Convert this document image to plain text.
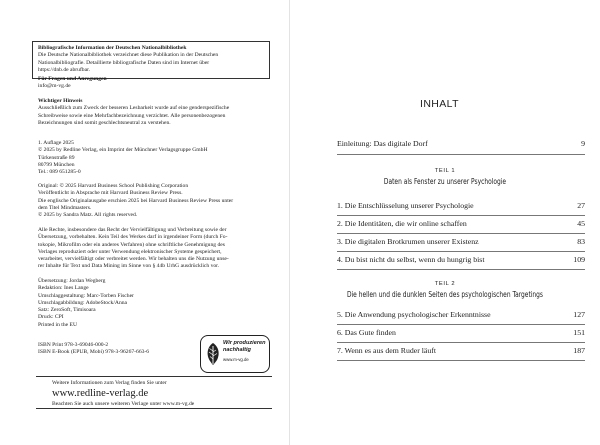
Bibliografische Information der Deutschen Nationalbibliothek
Die Deutsche Nationalbibliothek verzeichnet diese Publikation in der Deutschen
Nationalbibliografie. Detaillierte bibliografische Daten sind im Internet über
https://dnb.de abrufbar.
Für Fragen und Anregungen
info@m-vg.de
Wichtiger Hinweis
Ausschließlich zum Zweck der besseren Lesbarkeit wurde auf eine genderspezifische
Schreibweise sowie eine Mehrfachbezeichnung verzichtet. Alle personenbezogenen
Bezeichnungen sind somit geschlechtsneutral zu verstehen.
1. Auflage 2025
© 2025 by Redline Verlag, ein Imprint der Münchner Verlagsgruppe GmbH
Türkenstraße 89
80799 München
Tel.: 089 651285-0
Original: © 2025 Harvard Business School Publishing Corporation
Veröffentlicht in Absprache mit Harvard Business Review Press.
Die englische Originalausgabe erschien 2025 bei Harvard Business Review Press unter
dem Titel Mindmasters.
© 2025 by Sandra Matz. All rights reserved.
Alle Rechte, insbesondere das Recht der Vervielfältigung und Verbreitung sowie der
Übersetzung, vorbehalten. Kein Teil des Werkes darf in irgendeiner Form (durch Fo-
tokopie, Mikrofilm oder ein anderes Verfahren) ohne schriftliche Genehmigung des
Verlages reproduziert oder unter Verwendung elektronischer Systeme gespeichert,
verarbeitet, vervielfältigt oder verbreitet werden. Wir behalten uns die Nutzung unse-
rer Inhalte für Text und Data Mining im Sinne von § 44b UrhG ausdrücklich vor.
Übersetzung: Jordan Wegberg
Redaktion: Ines Lange
Umschlaggestaltung: Marc-Torben Fischer
Umschlagabbildung: AdobeStock/Anna
Satz: ZeroSoft, Timisoara
Druck: CPI
Printed in the EU
ISBN Print 978-3-69046-000-2
ISBN E-Book (EPUB, Mobi) 978-3-96267-663-6
Wir produzieren
nachhaltig
www.m-vg.de
Weitere Informationen zum Verlag finden Sie unter
www.redline-verlag.de
Beachten Sie auch unsere weiteren Verlage unter www.m-vg.de
INHALT
Einleitung: Das digitale Dorf	9
TEIL 1
Daten als Fenster zu unserer Psychologie
1. Die Entschlüsselung unserer Psychologie	27
2. Die Identitäten, die wir online schaffen	45
3. Die digitalen Brotkrumen unserer Existenz	83
4. Du bist nicht du selbst, wenn du hungrig bist	109
TEIL 2
Die hellen und die dunklen Seiten des psychologischen Targetings
5. Die Anwendung psychologischer Erkenntnisse	127
6. Das Gute finden	151
7. Wenn es aus dem Ruder läuft	187
